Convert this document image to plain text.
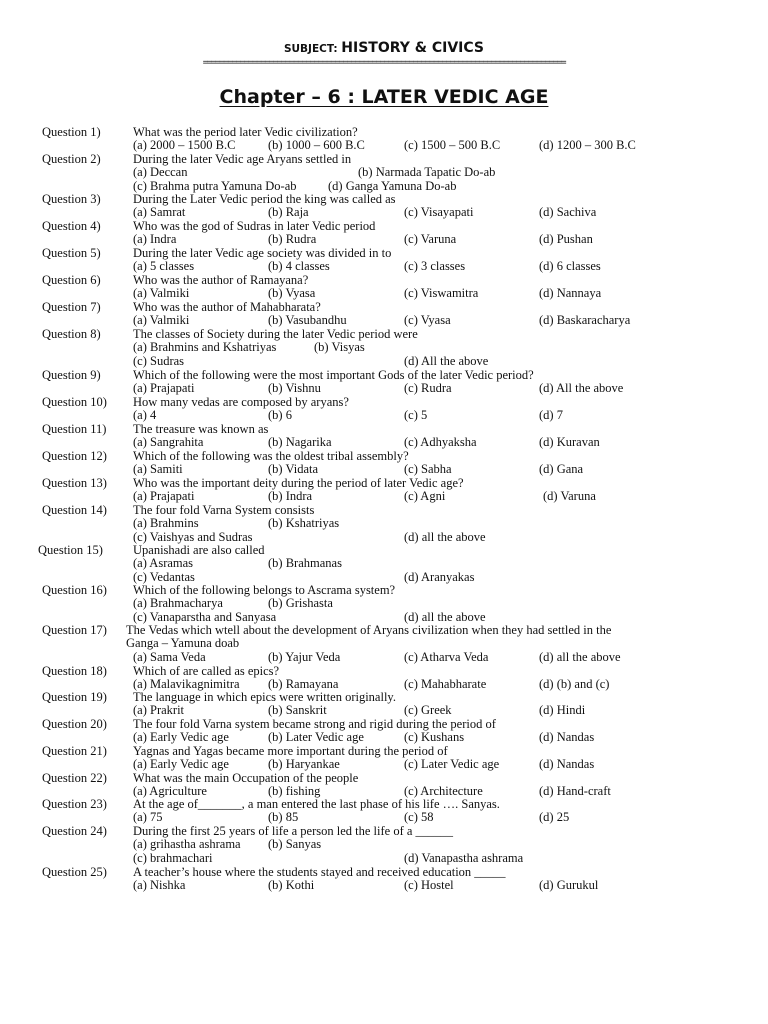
SUBJECT: HISTORY & CIVICS
========================================================================================
Chapter – 6 : LATER VEDIC AGE
Question 1)	What was the period later Vedic civilization?
(a) 2000 – 1500 B.C	(b) 1000 – 600 B.C	(c) 1500 – 500 B.C	(d) 1200 – 300 B.C
Question 2)	During the later Vedic age Aryans settled in
(a) Deccan	(b) Narmada Tapatic Do-ab
(c) Brahma putra Yamuna Do-ab	(d) Ganga Yamuna Do-ab
Question 3)	During the Later Vedic period the king was called as
(a) Samrat	(b) Raja	(c) Visayapati	(d) Sachiva
Question 4)	Who was the god of Sudras in later Vedic period
(a) Indra	(b) Rudra	(c) Varuna	(d) Pushan
Question 5)	During the later Vedic age society was divided in to
(a) 5 classes	(b) 4 classes	(c) 3 classes	(d) 6 classes
Question 6)	Who was the author of Ramayana?
(a) Valmiki	(b) Vyasa	(c) Viswamitra	(d) Nannaya
Question 7)	Who was the author of Mahabharata?
(a) Valmiki	(b) Vasubandhu	(c) Vyasa	(d) Baskaracharya
Question 8)	The classes of Society during the later Vedic period were
(a) Brahmins and Kshatriyas	(b) Visyas
(c) Sudras	(d) All the above
Question 9)	Which of the following were the most important Gods of the later Vedic period?
(a) Prajapati	(b) Vishnu	(c) Rudra	(d) All the above
Question 10) How many vedas are composed by aryans?
(a) 4	(b) 6	(c) 5	(d) 7
Question 11) The treasure was known as
(a) Sangrahita	(b) Nagarika	(c) Adhyaksha	(d) Kuravan
Question 12) Which of the following was the oldest tribal assembly?
(a) Samiti	(b) Vidata	(c) Sabha	(d) Gana
Question 13) Who was the important deity during the period of later Vedic age?
(a) Prajapati	(b) Indra	(c) Agni	(d) Varuna
Question 14) The four fold Varna System consists
(a) Brahmins	(b) Kshatriyas
(c) Vaishyas and Sudras	(d) all the above
Question 15) Upanishadi are also called
(a) Asramas	(b) Brahmanas
(c) Vedantas	(d) Aranyakas
Question 16) Which of the following belongs to Ascrama system?
(a) Brahmacharya	(b) Grishasta
(c) Vanaparstha and Sanyasa	(d) all the above
Question 17) The Vedas which wtell about the development of Aryans civilization when they had settled in the
Ganga – Yamuna doab
(a) Sama Veda	(b) Yajur Veda	(c) Atharva Veda	(d) all the above
Question 18) Which of are called as epics?
(a) Malavikagnimitra (b) Ramayana	(c) Mahabharate	(d) (b) and (c)
Question 19) The language in which epics were written originally.
(a) Prakrit	(b) Sanskrit	(c) Greek	(d) Hindi
Question 20) The four fold Varna system became strong and rigid during the period of
(a) Early Vedic age	(b) Later Vedic age	(c) Kushans	(d) Nandas
Question 21) Yagnas and Yagas became more important during the period of
(a) Early Vedic age	(b) Haryankae	(c) Later Vedic age	(d) Nandas
Question 22) What was the main Occupation of the people
(a) Agriculture	(b) fishing	(c) Architecture	(d) Hand-craft
Question 23) At the age of_______, a man entered the last phase of his life …. Sanyas.
(a) 75	(b) 85	(c) 58	(d) 25
Question 24) During the first 25 years of life a person led the life of a ______
(a) grihastha ashrama (b) Sanyas
(c) brahmachari	(d) Vanapastha ashrama
Question 25) A teacher’s house where the students stayed and received education _____
(a) Nishka	(b) Kothi	(c) Hostel	(d) Gurukul
